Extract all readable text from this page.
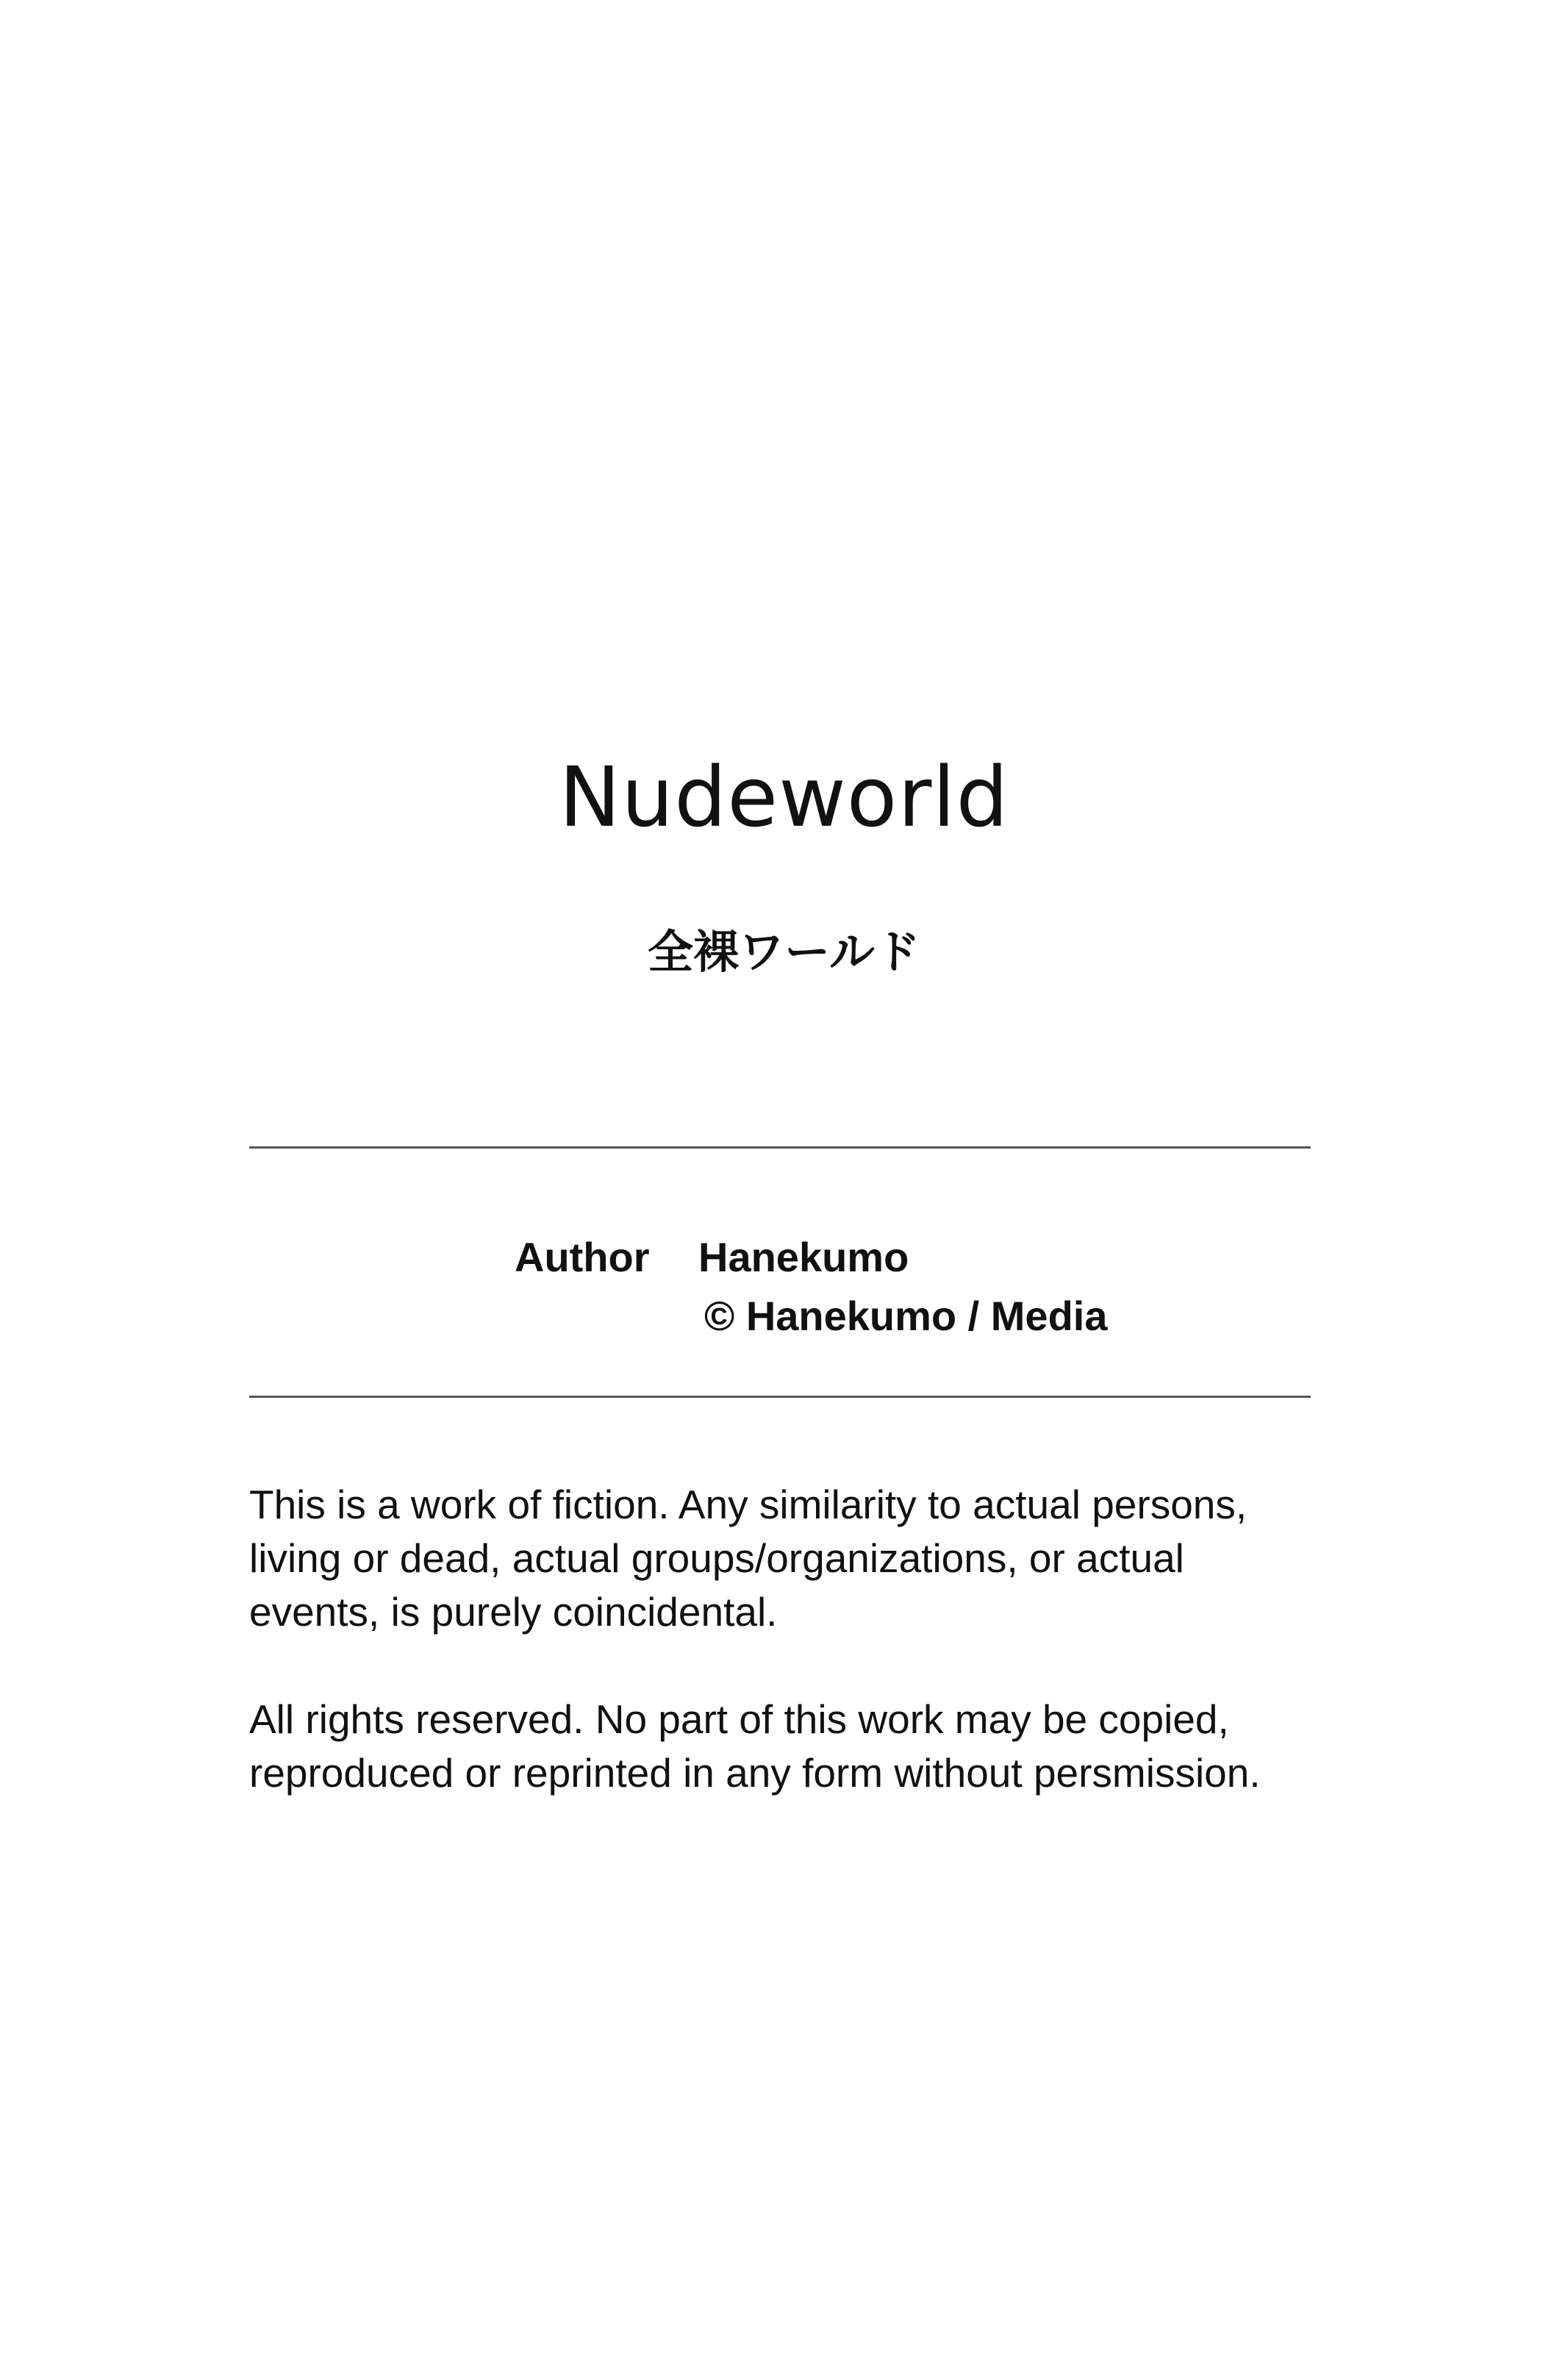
Nudeworld
全裸ワールド
Author Hanekumo
© Hanekumo / Media

This is a work of fiction. Any similarity to actual persons,
living or dead, actual groups/organizations, or actual
events, is purely coincidental.

All rights reserved. No part of this work may be copied,
reproduced or reprinted in any form without persmission.
